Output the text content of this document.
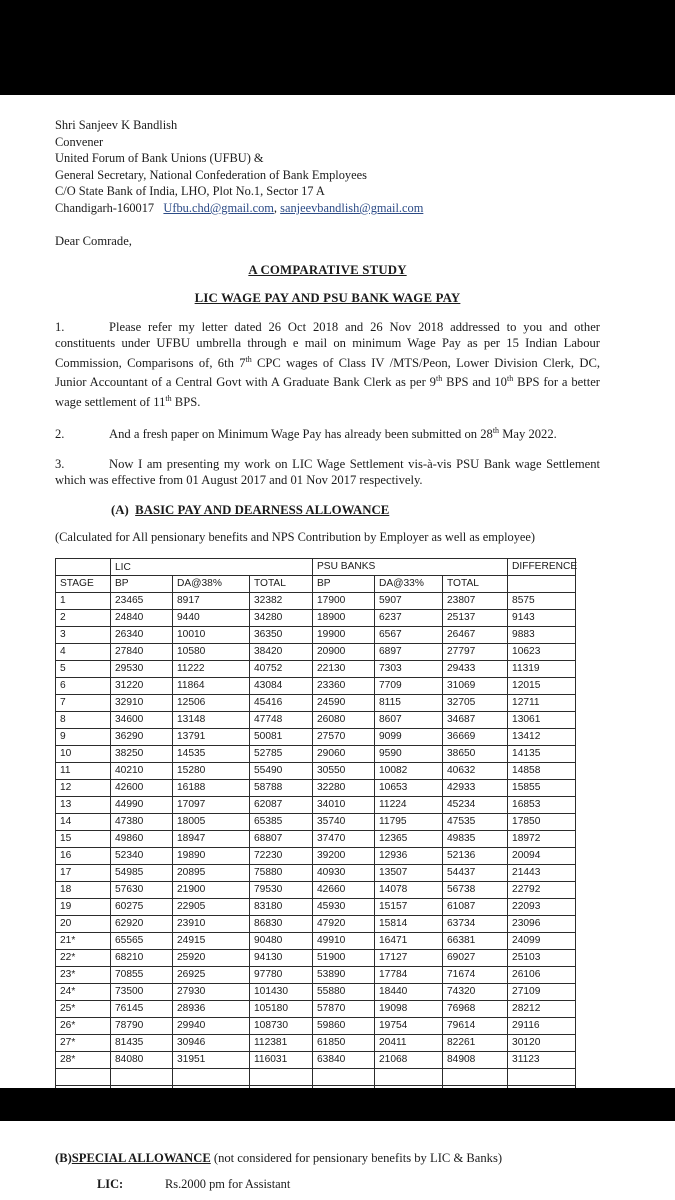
Shri Sanjeev K Bandlish
Convener
United Forum of Bank Unions (UFBU) &
General Secretary, National Confederation of Bank Employees
C/O State Bank of India, LHO, Plot No.1, Sector 17 A
Chandigarh-160017 Ufbu.chd@gmail.com, sanjeevbandlish@gmail.com
Dear Comrade,
A COMPARATIVE STUDY
LIC WAGE PAY AND PSU BANK WAGE PAY
1.	Please refer my letter dated 26 Oct 2018 and 26 Nov 2018 addressed to you and other constituents under UFBU umbrella through e mail on minimum Wage Pay as per 15 Indian Labour Commission, Comparisons of, 6th 7th CPC wages of Class IV /MTS/Peon, Lower Division Clerk, DC, Junior Accountant of a Central Govt with A Graduate Bank Clerk as per 9th BPS and 10th BPS for a better wage settlement of 11th BPS.
2.	And a fresh paper on Minimum Wage Pay has already been submitted on 28th May 2022.
3.	Now I am presenting my work on LIC Wage Settlement vis-à-vis PSU Bank wage Settlement which was effective from 01 August 2017 and 01 Nov 2017 respectively.
(A) BASIC PAY AND DEARNESS ALLOWANCE
(Calculated for All pensionary benefits and NPS Contribution by Employer as well as employee)
	LIC			PSU BANKS			DIFFERENCE
STAGE	BP	DA@38%	TOTAL	BP	DA@33%	TOTAL	
1	23465	8917	32382	17900	5907	23807	8575
2	24840	9440	34280	18900	6237	25137	9143
3	26340	10010	36350	19900	6567	26467	9883
4	27840	10580	38420	20900	6897	27797	10623
5	29530	11222	40752	22130	7303	29433	11319
6	31220	11864	43084	23360	7709	31069	12015
7	32910	12506	45416	24590	8115	32705	12711
8	34600	13148	47748	26080	8607	34687	13061
9	36290	13791	50081	27570	9099	36669	13412
10	38250	14535	52785	29060	9590	38650	14135
11	40210	15280	55490	30550	10082	40632	14858
12	42600	16188	58788	32280	10653	42933	15855
13	44990	17097	62087	34010	11224	45234	16853
14	47380	18005	65385	35740	11795	47535	17850
15	49860	18947	68807	37470	12365	49835	18972
16	52340	19890	72230	39200	12936	52136	20094
17	54985	20895	75880	40930	13507	54437	21443
18	57630	21900	79530	42660	14078	56738	22792
19	60275	22905	83180	45930	15157	61087	22093
20	62920	23910	86830	47920	15814	63734	23096
21*	65565	24915	90480	49910	16471	66381	24099
22*	68210	25920	94130	51900	17127	69027	25103
23*	70855	26925	97780	53890	17784	71674	26106
24*	73500	27930	101430	55880	18440	74320	27109
25*	76145	28936	105180	57870	19098	76968	28212
26*	78790	29940	108730	59860	19754	79614	29116
27*	81435	30946	112381	61850	20411	82261	30120
28*	84080	31951	116031	63840	21068	84908	31123

(B)SPECIAL ALLOWANCE (not considered for pensionary benefits by LIC & Banks)
LIC:	Rs.2000 pm for Assistant
